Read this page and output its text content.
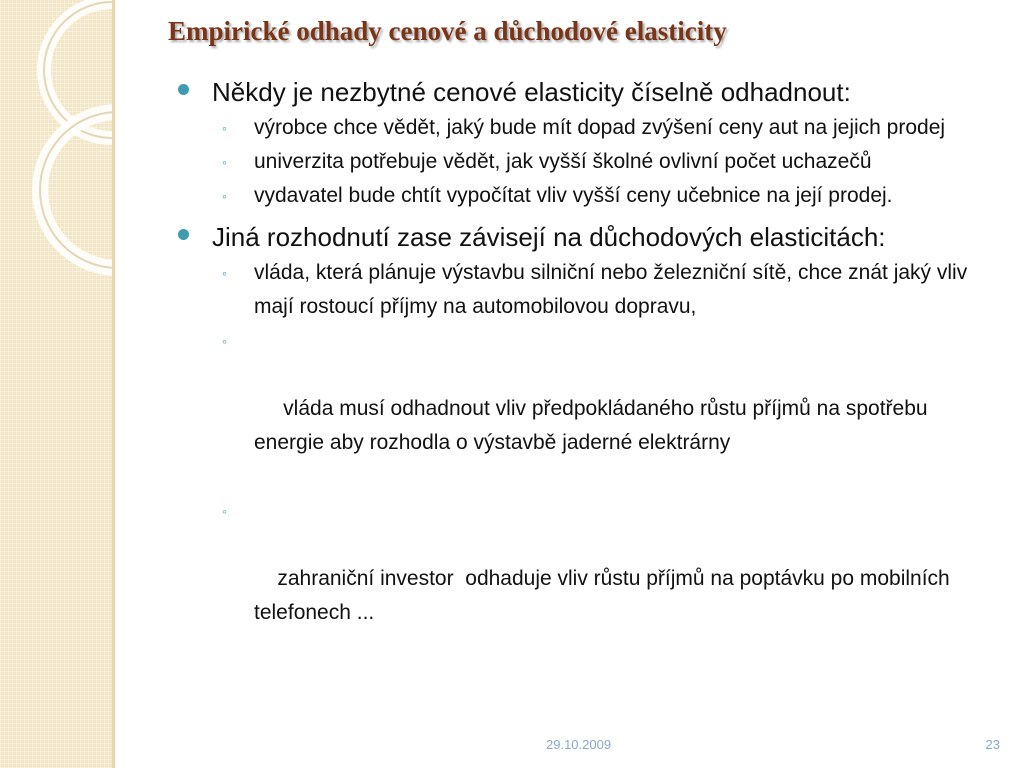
Empirické odhady cenové a důchodové elasticity

Někdy je nezbytné cenové elasticity číselně odhadnout:

◦ výrobce chce vědět, jaký bude mít dopad zvýšení ceny aut na jejich prodej

◦ univerzita potřebuje vědět, jak vyšší školné ovlivní počet uchazečů

◦ vydavatel bude chtít vypočítat vliv vyšší ceny učebnice na její prodej.

Jiná rozhodnutí zase závisejí na důchodových elasticitách:

◦ vláda, která plánuje výstavbu silniční nebo železniční sítě, chce znát jaký vliv mají rostoucí příjmy na automobilovou dopravu,

◦

vláda musí odhadnout vliv předpokládaného růstu příjmů na spotřebu energie aby rozhodla o výstavbě jaderné elektrárny

◦

zahraniční investor  odhaduje vliv růstu příjmů na poptávku po mobilních telefonech ...

29.10.2009	23
